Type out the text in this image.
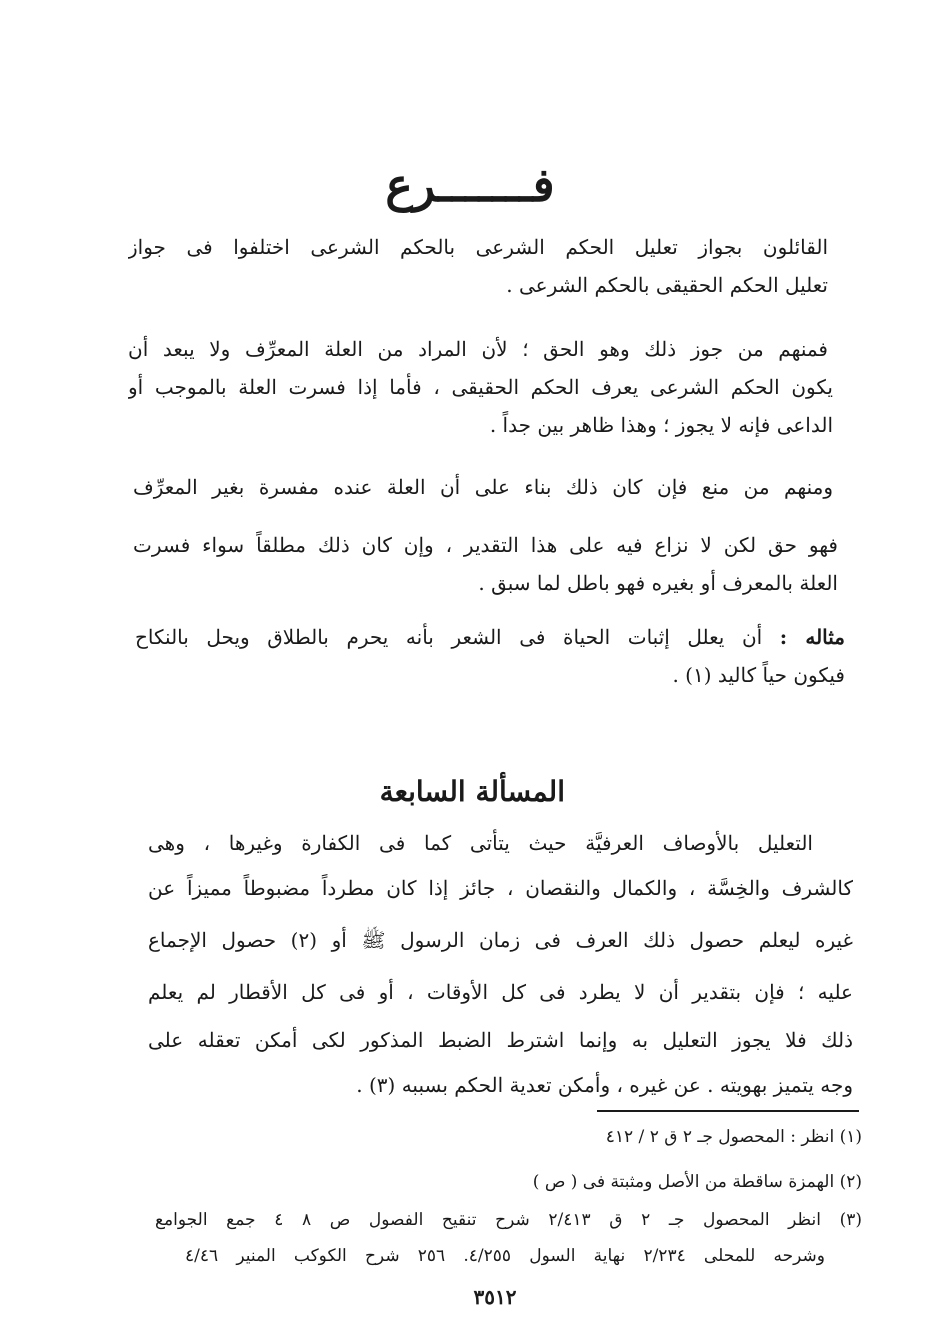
فـــــــرع
القائلون بجواز تعليل الحكم الشرعى بالحكم الشرعى اختلفوا فى جواز
تعليل الحكم الحقيقى بالحكم الشرعى .
فمنهم من جوز ذلك وهو الحق ؛ لأن المراد من العلة المعرِّف ولا يبعد أن
يكون الحكم الشرعى يعرف الحكم الحقيقى ، فأما إذا فسرت العلة بالموجب أو
الداعى فإنه لا يجوز ؛ وهذا ظاهر بين جداً .
ومنهم من منع فإن كان ذلك بناء على أن العلة عنده مفسرة بغير المعرِّف
فهو حق لكن لا نزاع فيه على هذا التقدير ، وإن كان ذلك مطلقاً سواء فسرت
العلة بالمعرف أو بغيره فهو باطل لما سبق .
مثاله : أن يعلل إثبات الحياة فى الشعر بأنه يحرم بالطلاق ويحل بالنكاح
فيكون حياً كاليد (١) .
المسألة السابعة
التعليل بالأوصاف العرفيَّة حيث يتأتى كما فى الكفارة وغيرها ، وهى
كالشرف والخِسَّة ، والكمال والنقصان ، جائز إذا كان مطرداً مضبوطاً مميزاً عن
غيره ليعلم حصول ذلك العرف فى زمان الرسول ﷺ أو (٢) حصول الإجماع
عليه ؛ فإن بتقدير أن لا يطرد فى كل الأوقات ، أو فى كل الأقطار لم يعلم
ذلك فلا يجوز التعليل به وإنما اشترط الضبط المذكور لكى أمكن تعقله على
وجه يتميز بهويته . عن غيره ، وأمكن تعدية الحكم بسببه (٣) .
(١) انظر : المحصول جـ ٢ ق ٢ / ٤١٢
(٢) الهمزة ساقطة من الأصل ومثبتة فى ( ص )
(٣) انظر المحصول جـ ٢ ق ٢/٤١٣ شرح تنقيح الفصول ص ٨ ٤ جمع الجوامع
وشرحه للمحلى ٢/٢٣٤ نهاية السول ٤/٢٥٥. ٢٥٦ شرح الكوكب المنير ٤/٤٦
٣٥١٢
